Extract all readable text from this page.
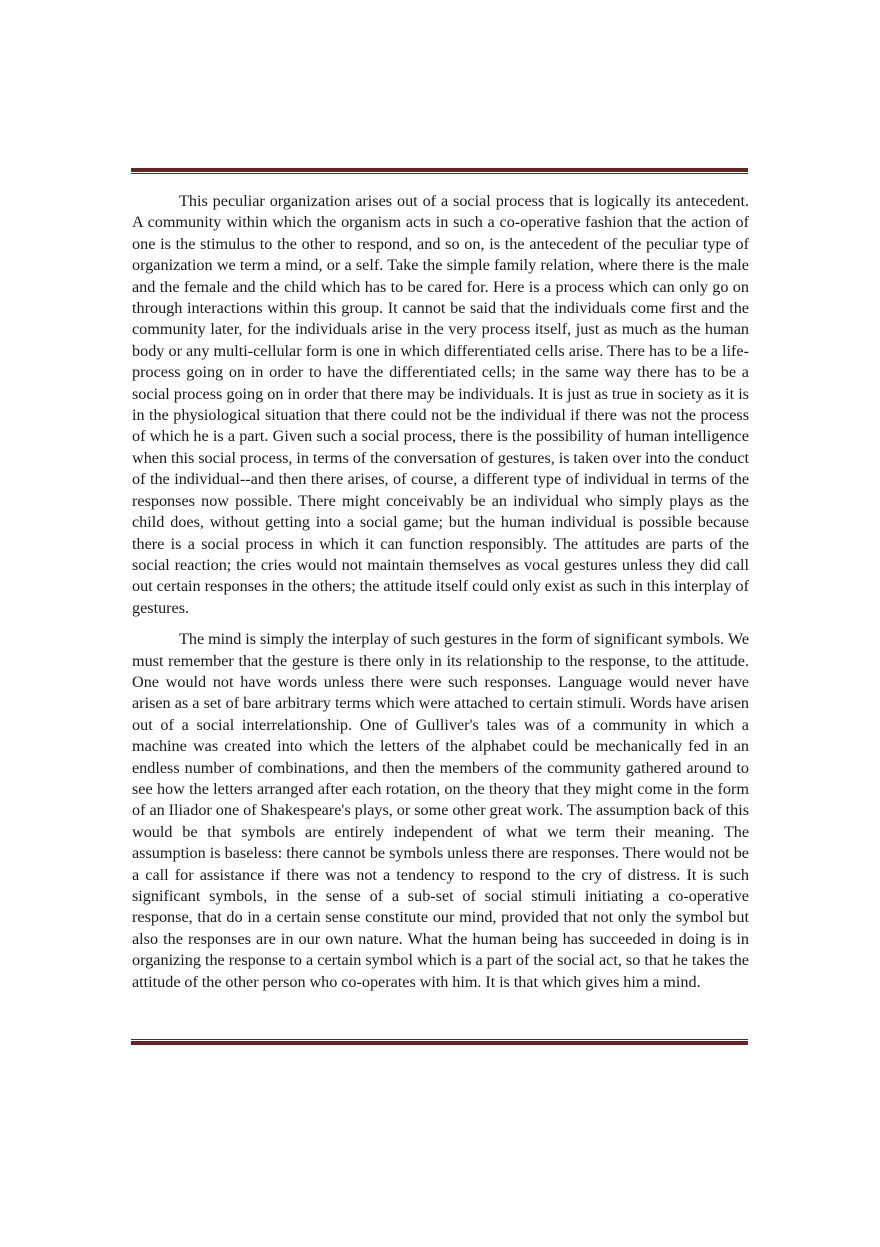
This peculiar organization arises out of a social process that is logically its antecedent. A community within which the organism acts in such a co-operative fashion that the action of one is the stimulus to the other to respond, and so on, is the antecedent of the peculiar type of organization we term a mind, or a self. Take the simple family relation, where there is the male and the female and the child which has to be cared for. Here is a process which can only go on through interactions within this group. It cannot be said that the individuals come first and the community later, for the individuals arise in the very process itself, just as much as the human body or any multi-cellular form is one in which differentiated cells arise. There has to be a life-process going on in order to have the differentiated cells; in the same way there has to be a social process going on in order that there may be individuals. It is just as true in society as it is in the physiological situation that there could not be the individual if there was not the process of which he is a part. Given such a social process, there is the possibility of human intelligence when this social process, in terms of the conversation of gestures, is taken over into the conduct of the individual--and then there arises, of course, a different type of individual in terms of the responses now possible. There might conceivably be an individual who simply plays as the child does, without getting into a social game; but the human individual is possible because there is a social process in which it can function responsibly. The attitudes are parts of the social reaction; the cries would not maintain themselves as vocal gestures unless they did call out certain responses in the others; the attitude itself could only exist as such in this interplay of gestures.

The mind is simply the interplay of such gestures in the form of significant symbols. We must remember that the gesture is there only in its relationship to the response, to the attitude. One would not have words unless there were such responses. Language would never have arisen as a set of bare arbitrary terms which were attached to certain stimuli. Words have arisen out of a social interrelationship. One of Gulliver's tales was of a community in which a machine was created into which the letters of the alphabet could be mechanically fed in an endless number of combinations, and then the members of the community gathered around to see how the letters arranged after each rotation, on the theory that they might come in the form of an Iliador one of Shakespeare's plays, or some other great work. The assumption back of this would be that symbols are entirely independent of what we term their meaning. The assumption is baseless: there cannot be symbols unless there are responses. There would not be a call for assistance if there was not a tendency to respond to the cry of distress. It is such significant symbols, in the sense of a sub-set of social stimuli initiating a co-operative response, that do in a certain sense constitute our mind, provided that not only the symbol but also the responses are in our own nature. What the human being has succeeded in doing is in organizing the response to a certain symbol which is a part of the social act, so that he takes the attitude of the other person who co-operates with him. It is that which gives him a mind.
